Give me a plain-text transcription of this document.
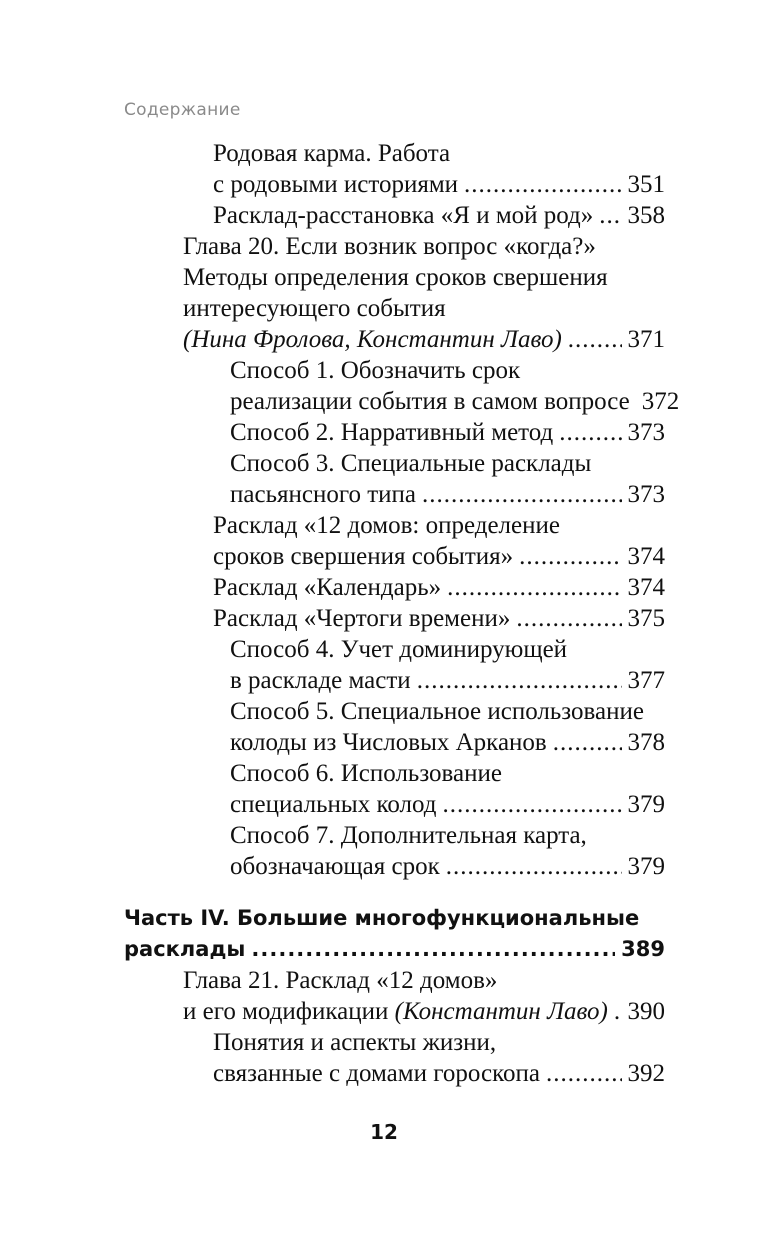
Содержание
Родовая карма. Работа
с родовыми историями .....	351
Расклад-расстановка «Я и мой род» ..... 358
Глава 20. Если возник вопрос «когда?»
Методы определения сроков свершения
интересующего события
(Нина Фролова, Константин Лаво) .....	371
Способ 1. Обозначить срок
реализации события в самом вопросе 372
Способ 2. Нарративный метод .....	373
Способ 3. Специальные расклады
пасьянсного типа .....	373
Расклад «12 домов: определение
сроков свершения события» .....	374
Расклад «Календарь» .....	374
Расклад «Чертоги времени» .....	375
Способ 4. Учет доминирующей
в раскладе масти .....	377
Способ 5. Специальное использование
колоды из Числовых Арканов .....	378
Способ 6. Использование
специальных колод .....	379
Способ 7. Дополнительная карта,
обозначающая срок .....	379
Часть IV. Большие многофункциональные
расклады .....	389
Глава 21. Расклад «12 домов»
и его модификации (Константин Лаво) ..... 390
Понятия и аспекты жизни,
связанные с домами гороскопа .....	392
12
